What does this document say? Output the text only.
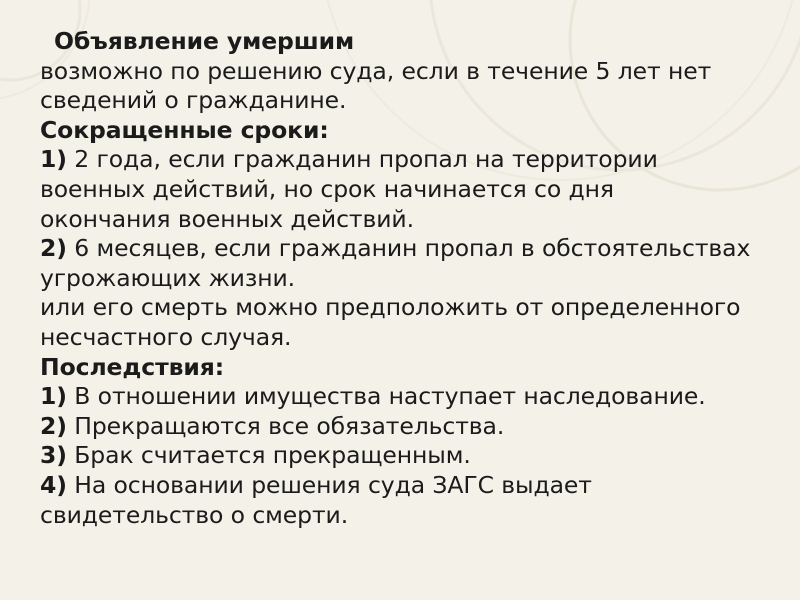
Объявление умершим
возможно по решению суда, если в течение 5 лет нет
сведений о гражданине.
Сокращенные сроки:
1) 2 года, если гражданин пропал на территории
военных действий, но срок начинается со дня
окончания военных действий.
2) 6 месяцев, если гражданин пропал в обстоятельствах
угрожающих жизни.
или его смерть можно предположить от определенного
несчастного случая.
Последствия:
1) В отношении имущества наступает наследование.
2) Прекращаются все обязательства.
3) Брак считается прекращенным.
4) На основании решения суда ЗАГС выдает
свидетельство о смерти.
